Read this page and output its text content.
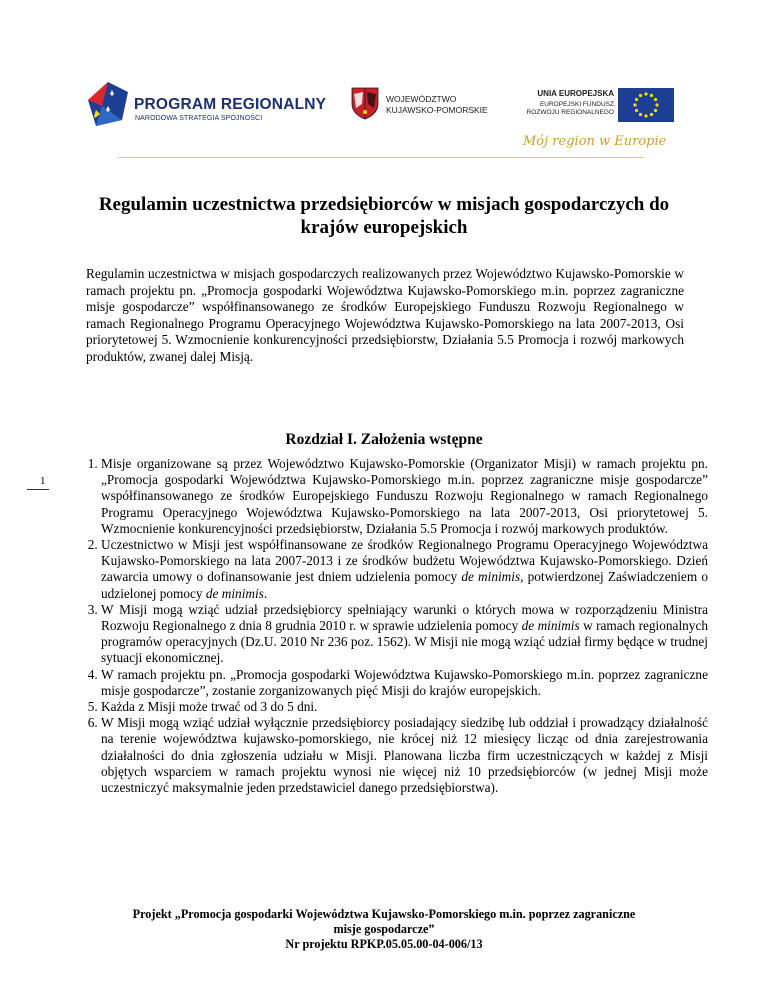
PROGRAM REGIONALNY
NARODOWA STRATEGIA SPÓJNOŚCI
WOJEWÓDZTWO
KUJAWSKO-POMORSKIE
UNIA EUROPEJSKA
EUROPEJSKI FUNDUSZ
ROZWOJU REGIONALNEGO
Mój region w Europie
Regulamin uczestnictwa przedsiębiorców w misjach gospodarczych do
krajów europejskich
Regulamin uczestnictwa w misjach gospodarczych realizowanych przez Województwo Kujawsko-Pomorskie w ramach projektu pn. „Promocja gospodarki Województwa Kujawsko-Pomorskiego m.in. poprzez zagraniczne misje gospodarcze” współfinansowanego ze środków Europejskiego Funduszu Rozwoju Regionalnego w ramach Regionalnego Programu Operacyjnego Województwa Kujawsko-Pomorskiego na lata 2007-2013, Osi priorytetowej 5. Wzmocnienie konkurencyjności przedsiębiorstw, Działania 5.5 Promocja i rozwój markowych produktów, zwanej dalej Misją.
Rozdział I. Założenia wstępne
1
1. Misje organizowane są przez Województwo Kujawsko-Pomorskie (Organizator Misji) w ramach projektu pn. „Promocja gospodarki Województwa Kujawsko-Pomorskiego m.in. poprzez zagraniczne misje gospodarcze” współfinansowanego ze środków Europejskiego Funduszu Rozwoju Regionalnego w ramach Regionalnego Programu Operacyjnego Województwa Kujawsko-Pomorskiego na lata 2007-2013, Osi priorytetowej 5. Wzmocnienie konkurencyjności przedsiębiorstw, Działania 5.5 Promocja i rozwój markowych produktów.
2. Uczestnictwo w Misji jest współfinansowane ze środków Regionalnego Programu Operacyjnego Województwa Kujawsko-Pomorskiego na lata 2007-2013 i ze środków budżetu Województwa Kujawsko-Pomorskiego. Dzień zawarcia umowy o dofinansowanie jest dniem udzielenia pomocy de minimis, potwierdzonej Zaświadczeniem o udzielonej pomocy de minimis.
3. W Misji mogą wziąć udział przedsiębiorcy spełniający warunki o których mowa w rozporządzeniu Ministra Rozwoju Regionalnego z dnia 8 grudnia 2010 r. w sprawie udzielenia pomocy de minimis w ramach regionalnych programów operacyjnych (Dz.U. 2010 Nr 236 poz. 1562). W Misji nie mogą wziąć udział firmy będące w trudnej sytuacji ekonomicznej.
4. W ramach projektu pn. „Promocja gospodarki Województwa Kujawsko-Pomorskiego m.in. poprzez zagraniczne misje gospodarcze”, zostanie zorganizowanych pięć Misji do krajów europejskich.
5. Każda z Misji może trwać od 3 do 5 dni.
6. W Misji mogą wziąć udział wyłącznie przedsiębiorcy posiadający siedzibę lub oddział i prowadzący działalność na terenie województwa kujawsko-pomorskiego, nie krócej niż 12 miesięcy licząc od dnia zarejestrowania działalności do dnia zgłoszenia udziału w Misji. Planowana liczba firm uczestniczących w każdej z Misji objętych wsparciem w ramach projektu wynosi nie więcej niż 10 przedsiębiorców (w jednej Misji może uczestniczyć maksymalnie jeden przedstawiciel danego przedsiębiorstwa).
Projekt „Promocja gospodarki Województwa Kujawsko-Pomorskiego m.in. poprzez zagraniczne
misje gospodarcze”
Nr projektu RPKP.05.05.00-04-006/13
